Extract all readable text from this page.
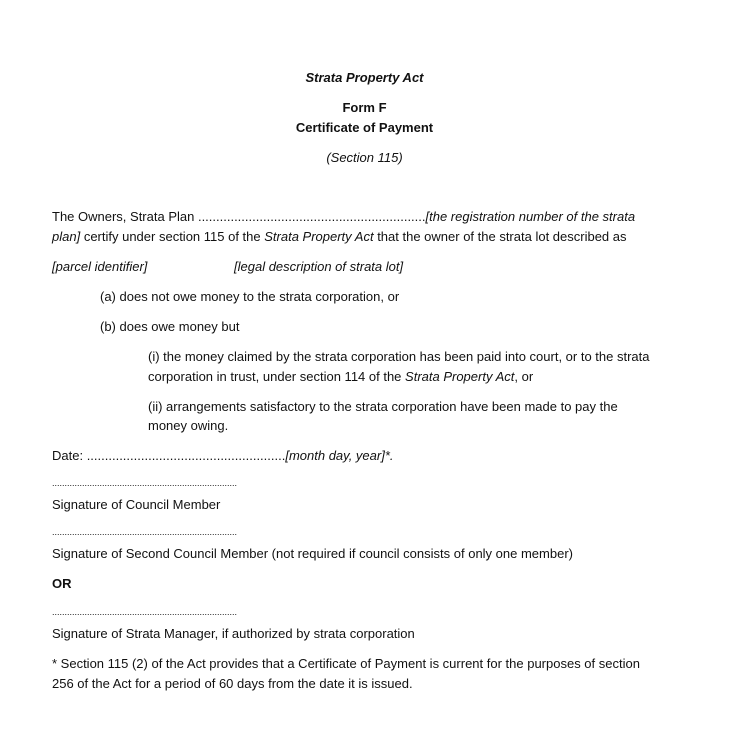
Strata Property Act
Form F
Certificate of Payment
(Section 115)
The Owners, Strata Plan ...............................................................[the registration number of the strata
plan] certify under section 115 of the Strata Property Act that the owner of the strata lot described as
[parcel identifier]	[legal description of strata lot]
(a) does not owe money to the strata corporation, or
(b) does owe money but
(i) the money claimed by the strata corporation has been paid into court, or to the strata
corporation in trust, under section 114 of the Strata Property Act, or
(ii) arrangements satisfactory to the strata corporation have been made to pay the
money owing.
Date: .......................................................[month day, year]*.
..........................................................................
Signature of Council Member
..........................................................................
Signature of Second Council Member (not required if council consists of only one member)
OR
..........................................................................
Signature of Strata Manager, if authorized by strata corporation
* Section 115 (2) of the Act provides that a Certificate of Payment is current for the purposes of section
256 of the Act for a period of 60 days from the date it is issued.
